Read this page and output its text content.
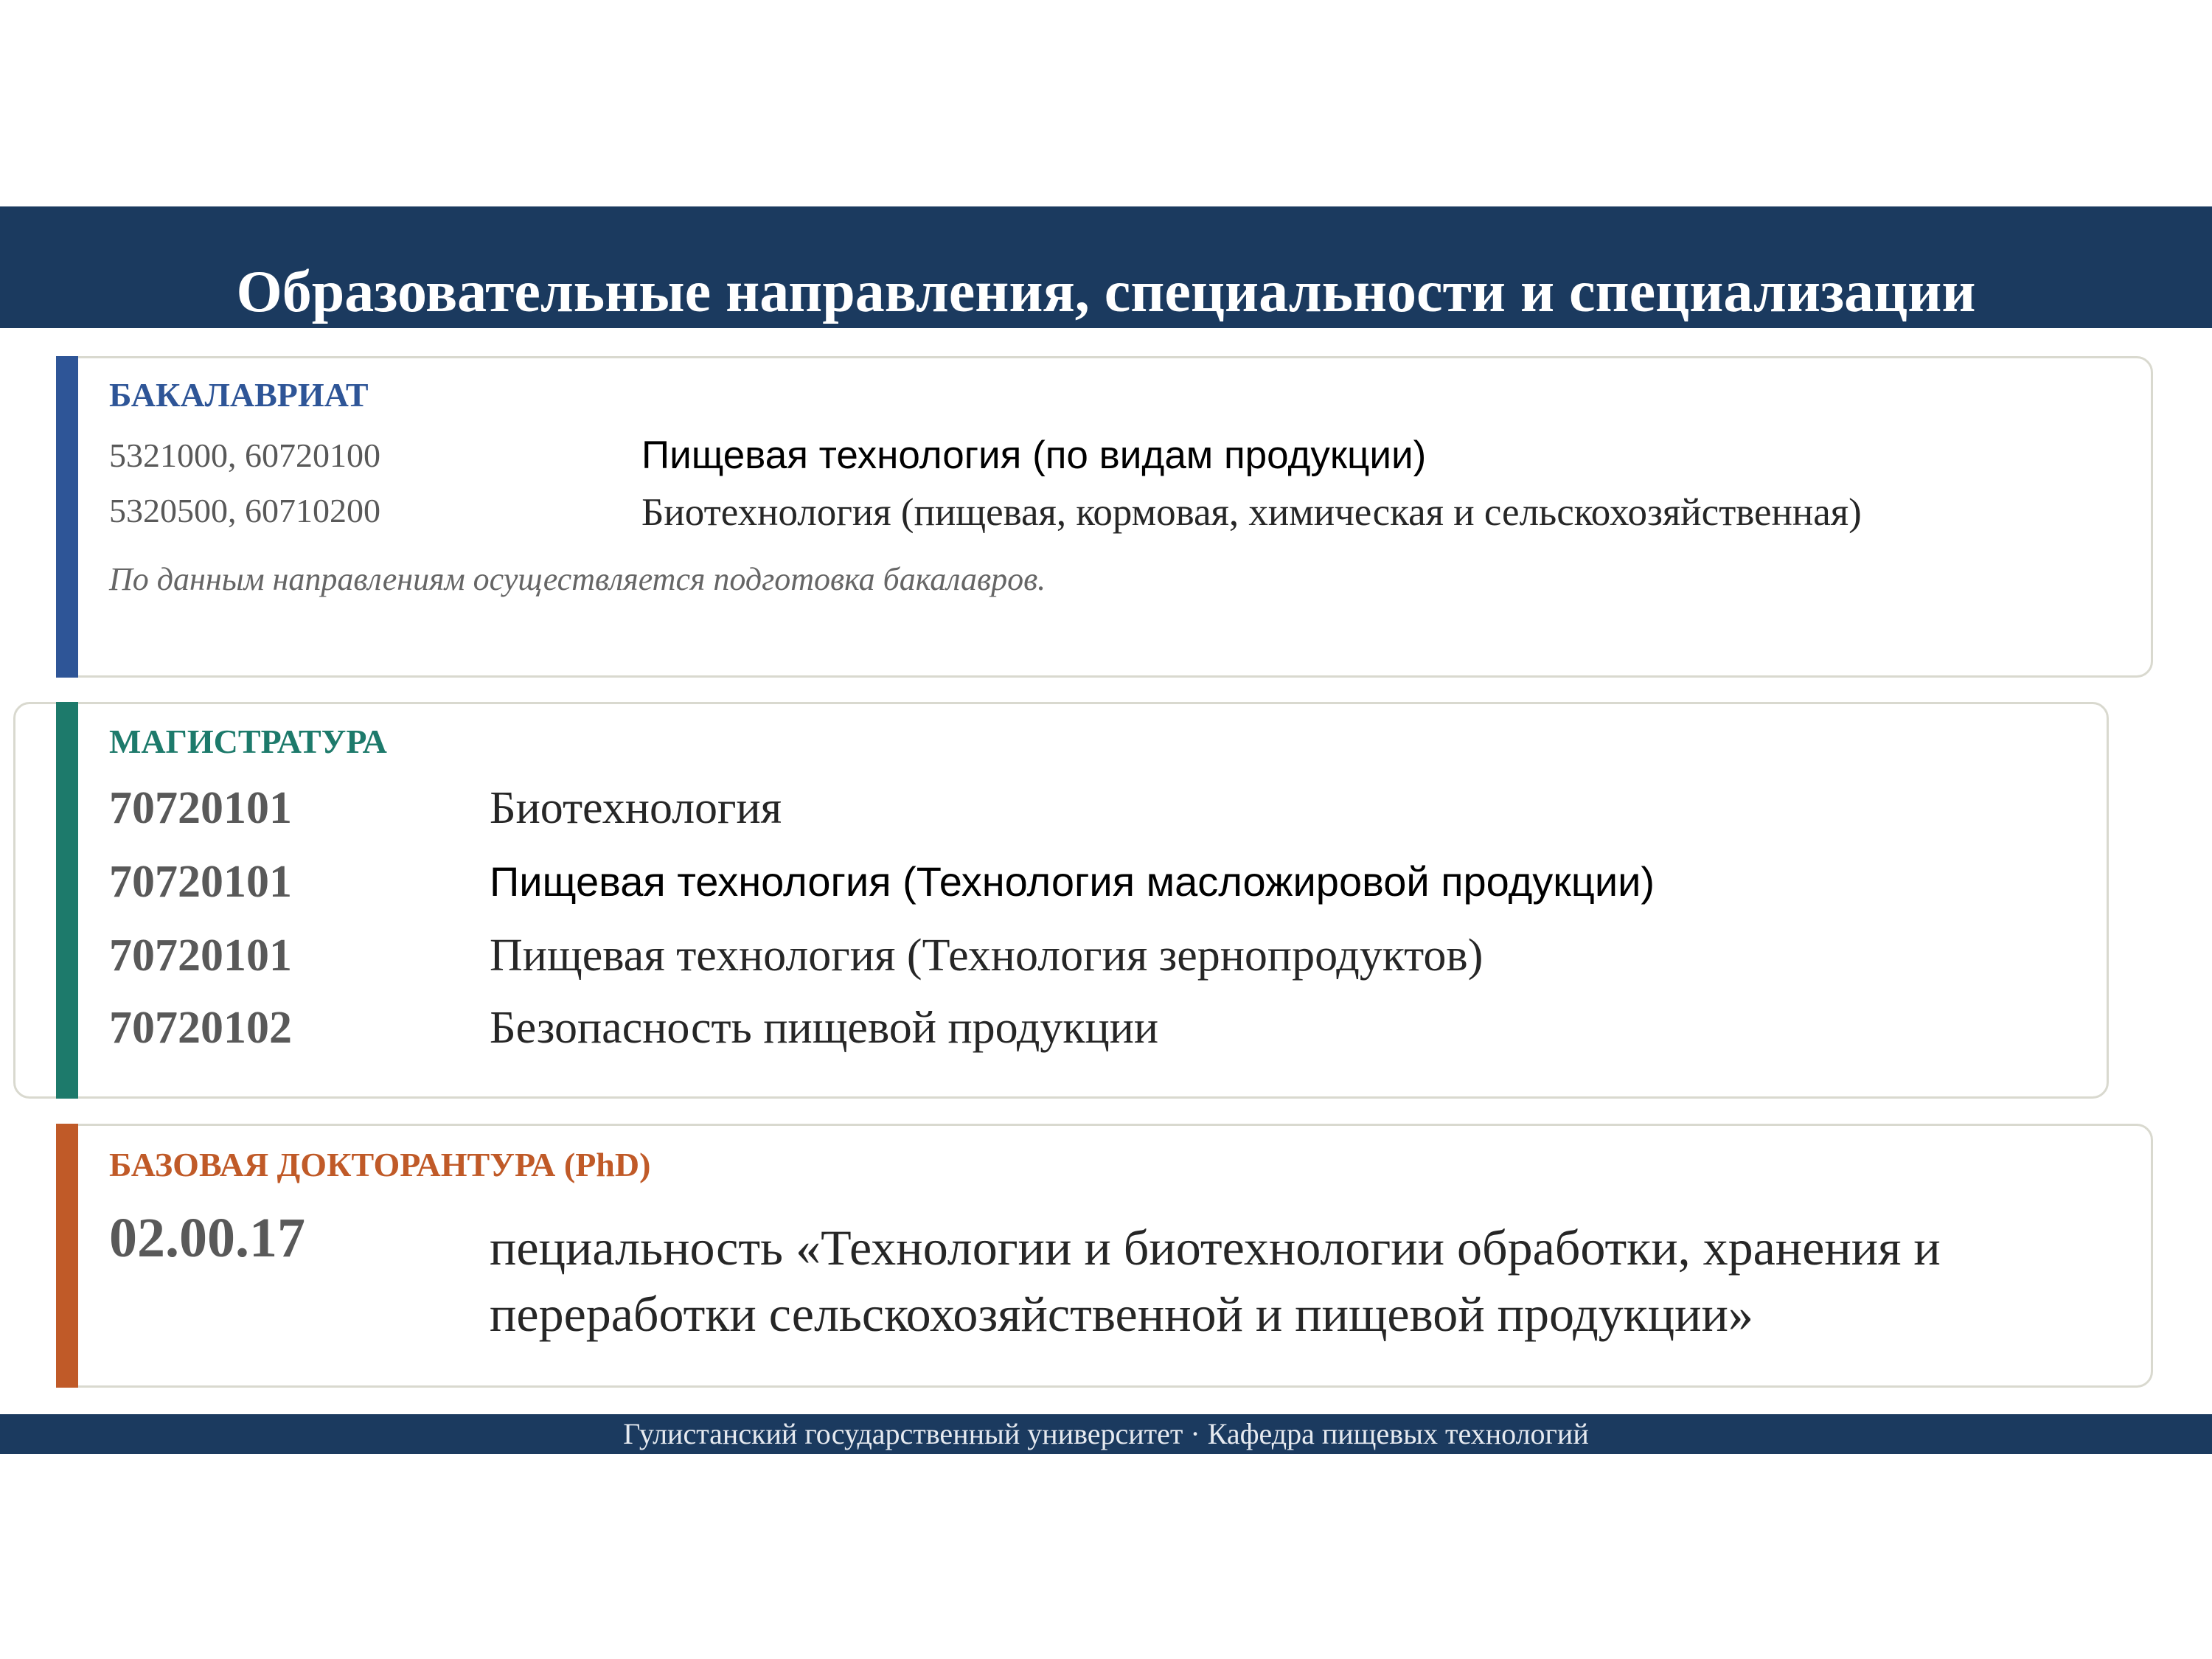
Образовательные направления, специальности и специализации
БАКАЛАВРИАТ
5321000, 60720100	Пищевая технология (по видам продукции)
5320500, 60710200	Биотехнология (пищевая, кормовая, химическая и сельскохозяйственная)
По данным направлениям осуществляется подготовка бакалавров.
МАГИСТРАТУРА
70720101	Биотехнология
70720101	Пищевая технология (Технология масложировой продукции)
70720101	Пищевая технология (Технология зернопродуктов)
70720102	Безопасность пищевой продукции
БАЗОВАЯ ДОКТОРАНТУРА (PhD)
02.00.17	пециальность «Технологии и биотехнологии обработки, хранения и
переработки сельскохозяйственной и пищевой продукции»
Гулистанский государственный университет · Кафедра пищевых технологий
